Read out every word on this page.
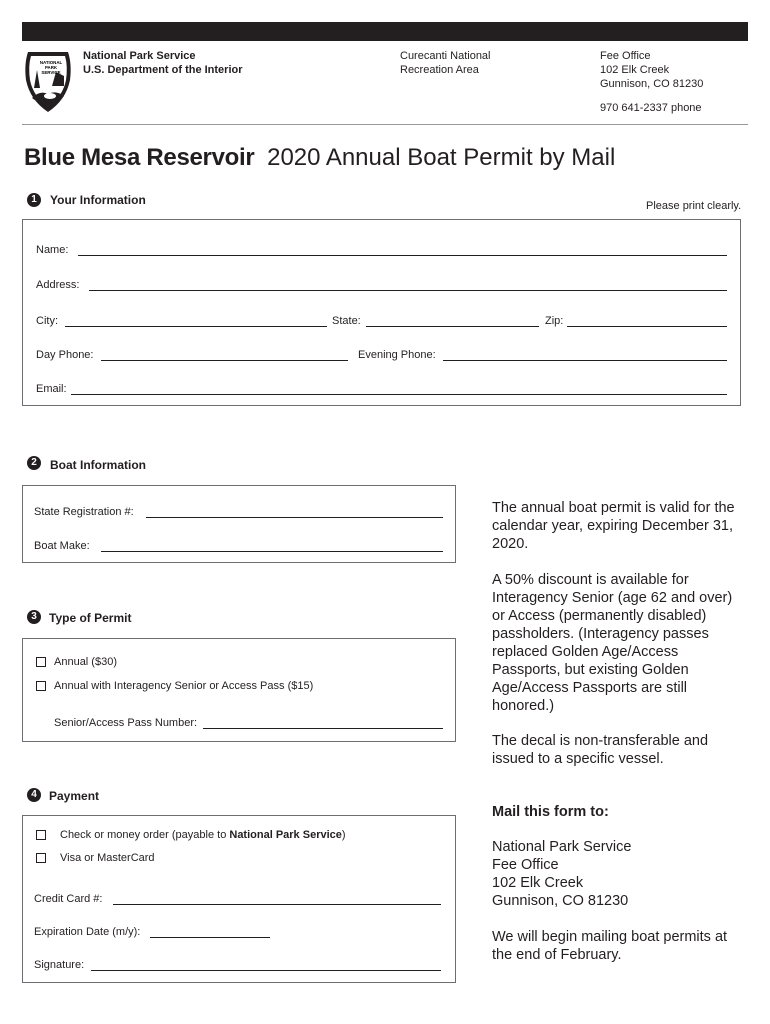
NATIONAL
PARK
SERVICE
National Park Service
U.S. Department of the Interior
Curecanti National
Recreation Area
Fee Office
102 Elk Creek
Gunnison, CO 81230
970 641-2337 phone
Blue Mesa Reservoir 2020 Annual Boat Permit by Mail
1	Your Information	Please print clearly.
Name:
Address:
City:	State:	Zip:
Day Phone:	Evening Phone:
Email:
2	Boat Information
State Registration #:
Boat Make:
3	Type of Permit
Annual ($30)
Annual with Interagency Senior or Access Pass ($15)
Senior/Access Pass Number:
4	Payment
Check or money order (payable to National Park Service)
Visa or MasterCard
Credit Card #:
Expiration Date (m/y):
Signature:
The annual boat permit is valid for the calendar year, expiring December 31, 2020.
A 50% discount is available for Interagency Senior (age 62 and over) or Access (permanently disabled) passholders. (Interagency passes replaced Golden Age/Access Passports, but existing Golden Age/Access Passports are still honored.)
The decal is non-transferable and issued to a specific vessel.
Mail this form to:
National Park Service
Fee Office
102 Elk Creek
Gunnison, CO 81230
We will begin mailing boat permits at the end of February.
